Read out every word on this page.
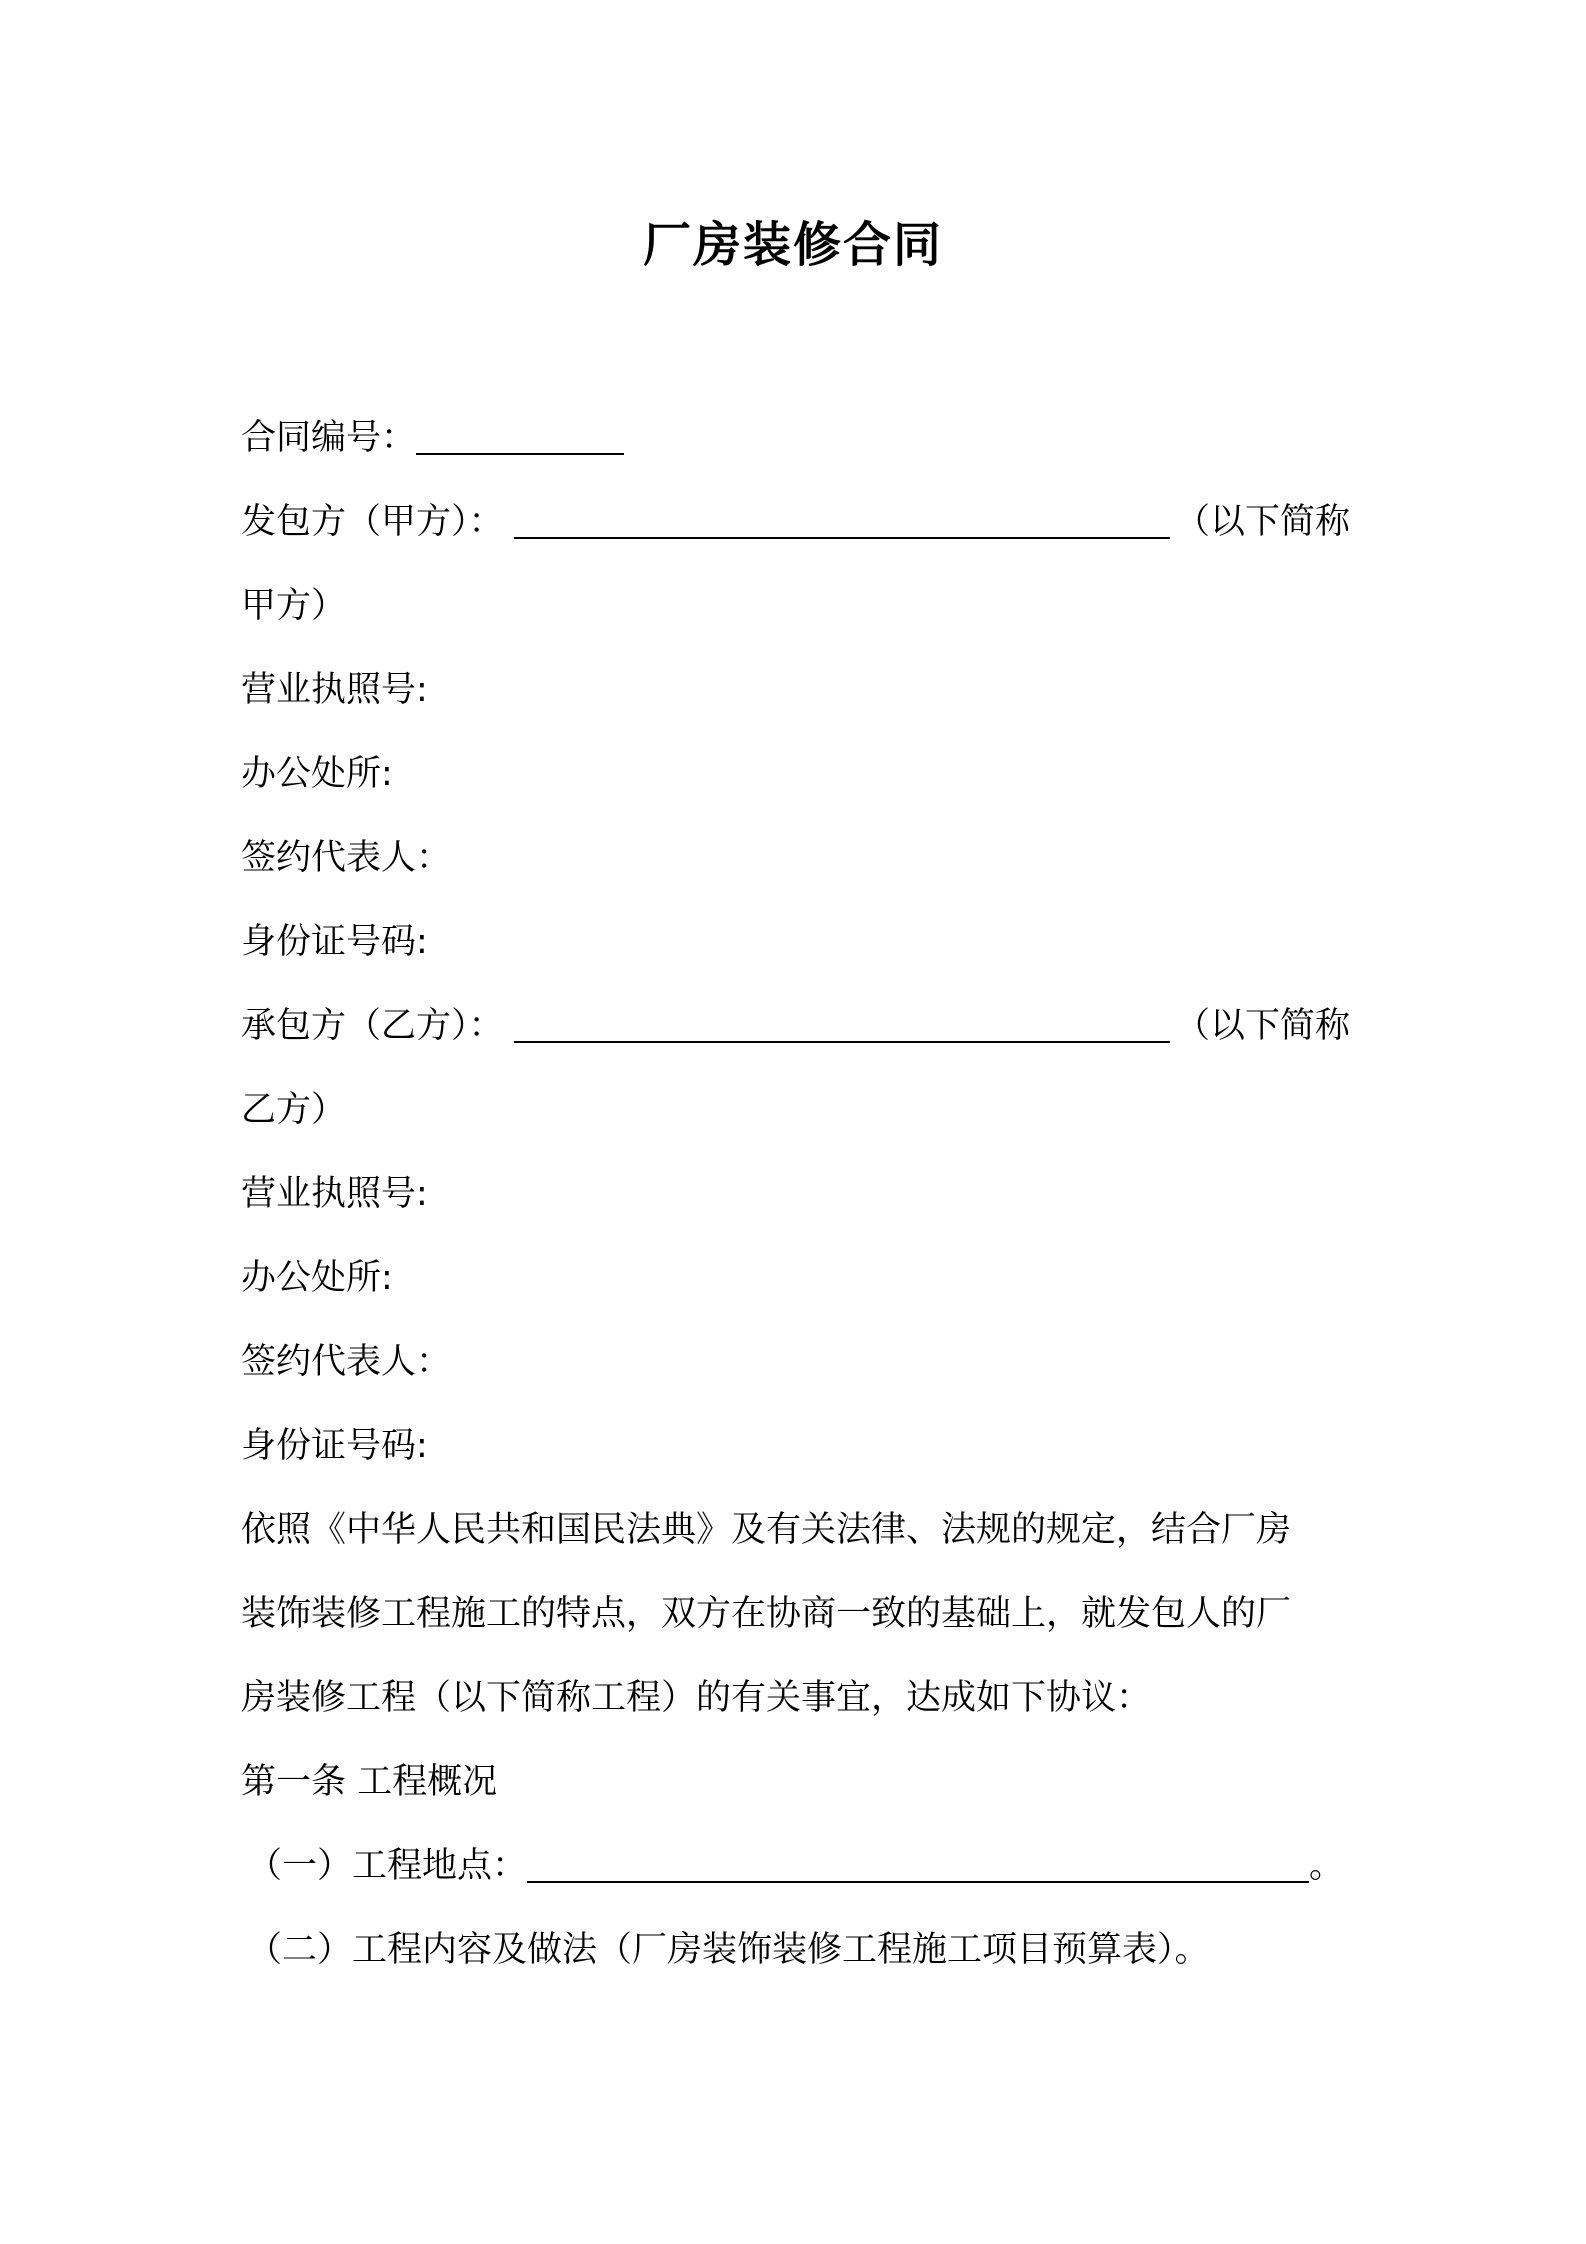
厂房装修合同
合同编号：
发包方（甲方）：	（以下简称
甲方）
营业执照号:
办公处所:
签约代表人：
身份证号码:
承包方（乙方）：	（以下简称
乙方）
营业执照号:
办公处所:
签约代表人：
身份证号码:
依照《中华人民共和国民法典》及有关法律、法规的规定，结合厂房
装饰装修工程施工的特点，双方在协商一致的基础上，就发包人的厂
房装修工程（以下简称工程）的有关事宜，达成如下协议：
第一条 工程概况
（一）工程地点：	。
（二）工程内容及做法（厂房装饰装修工程施工项目预算表）。
